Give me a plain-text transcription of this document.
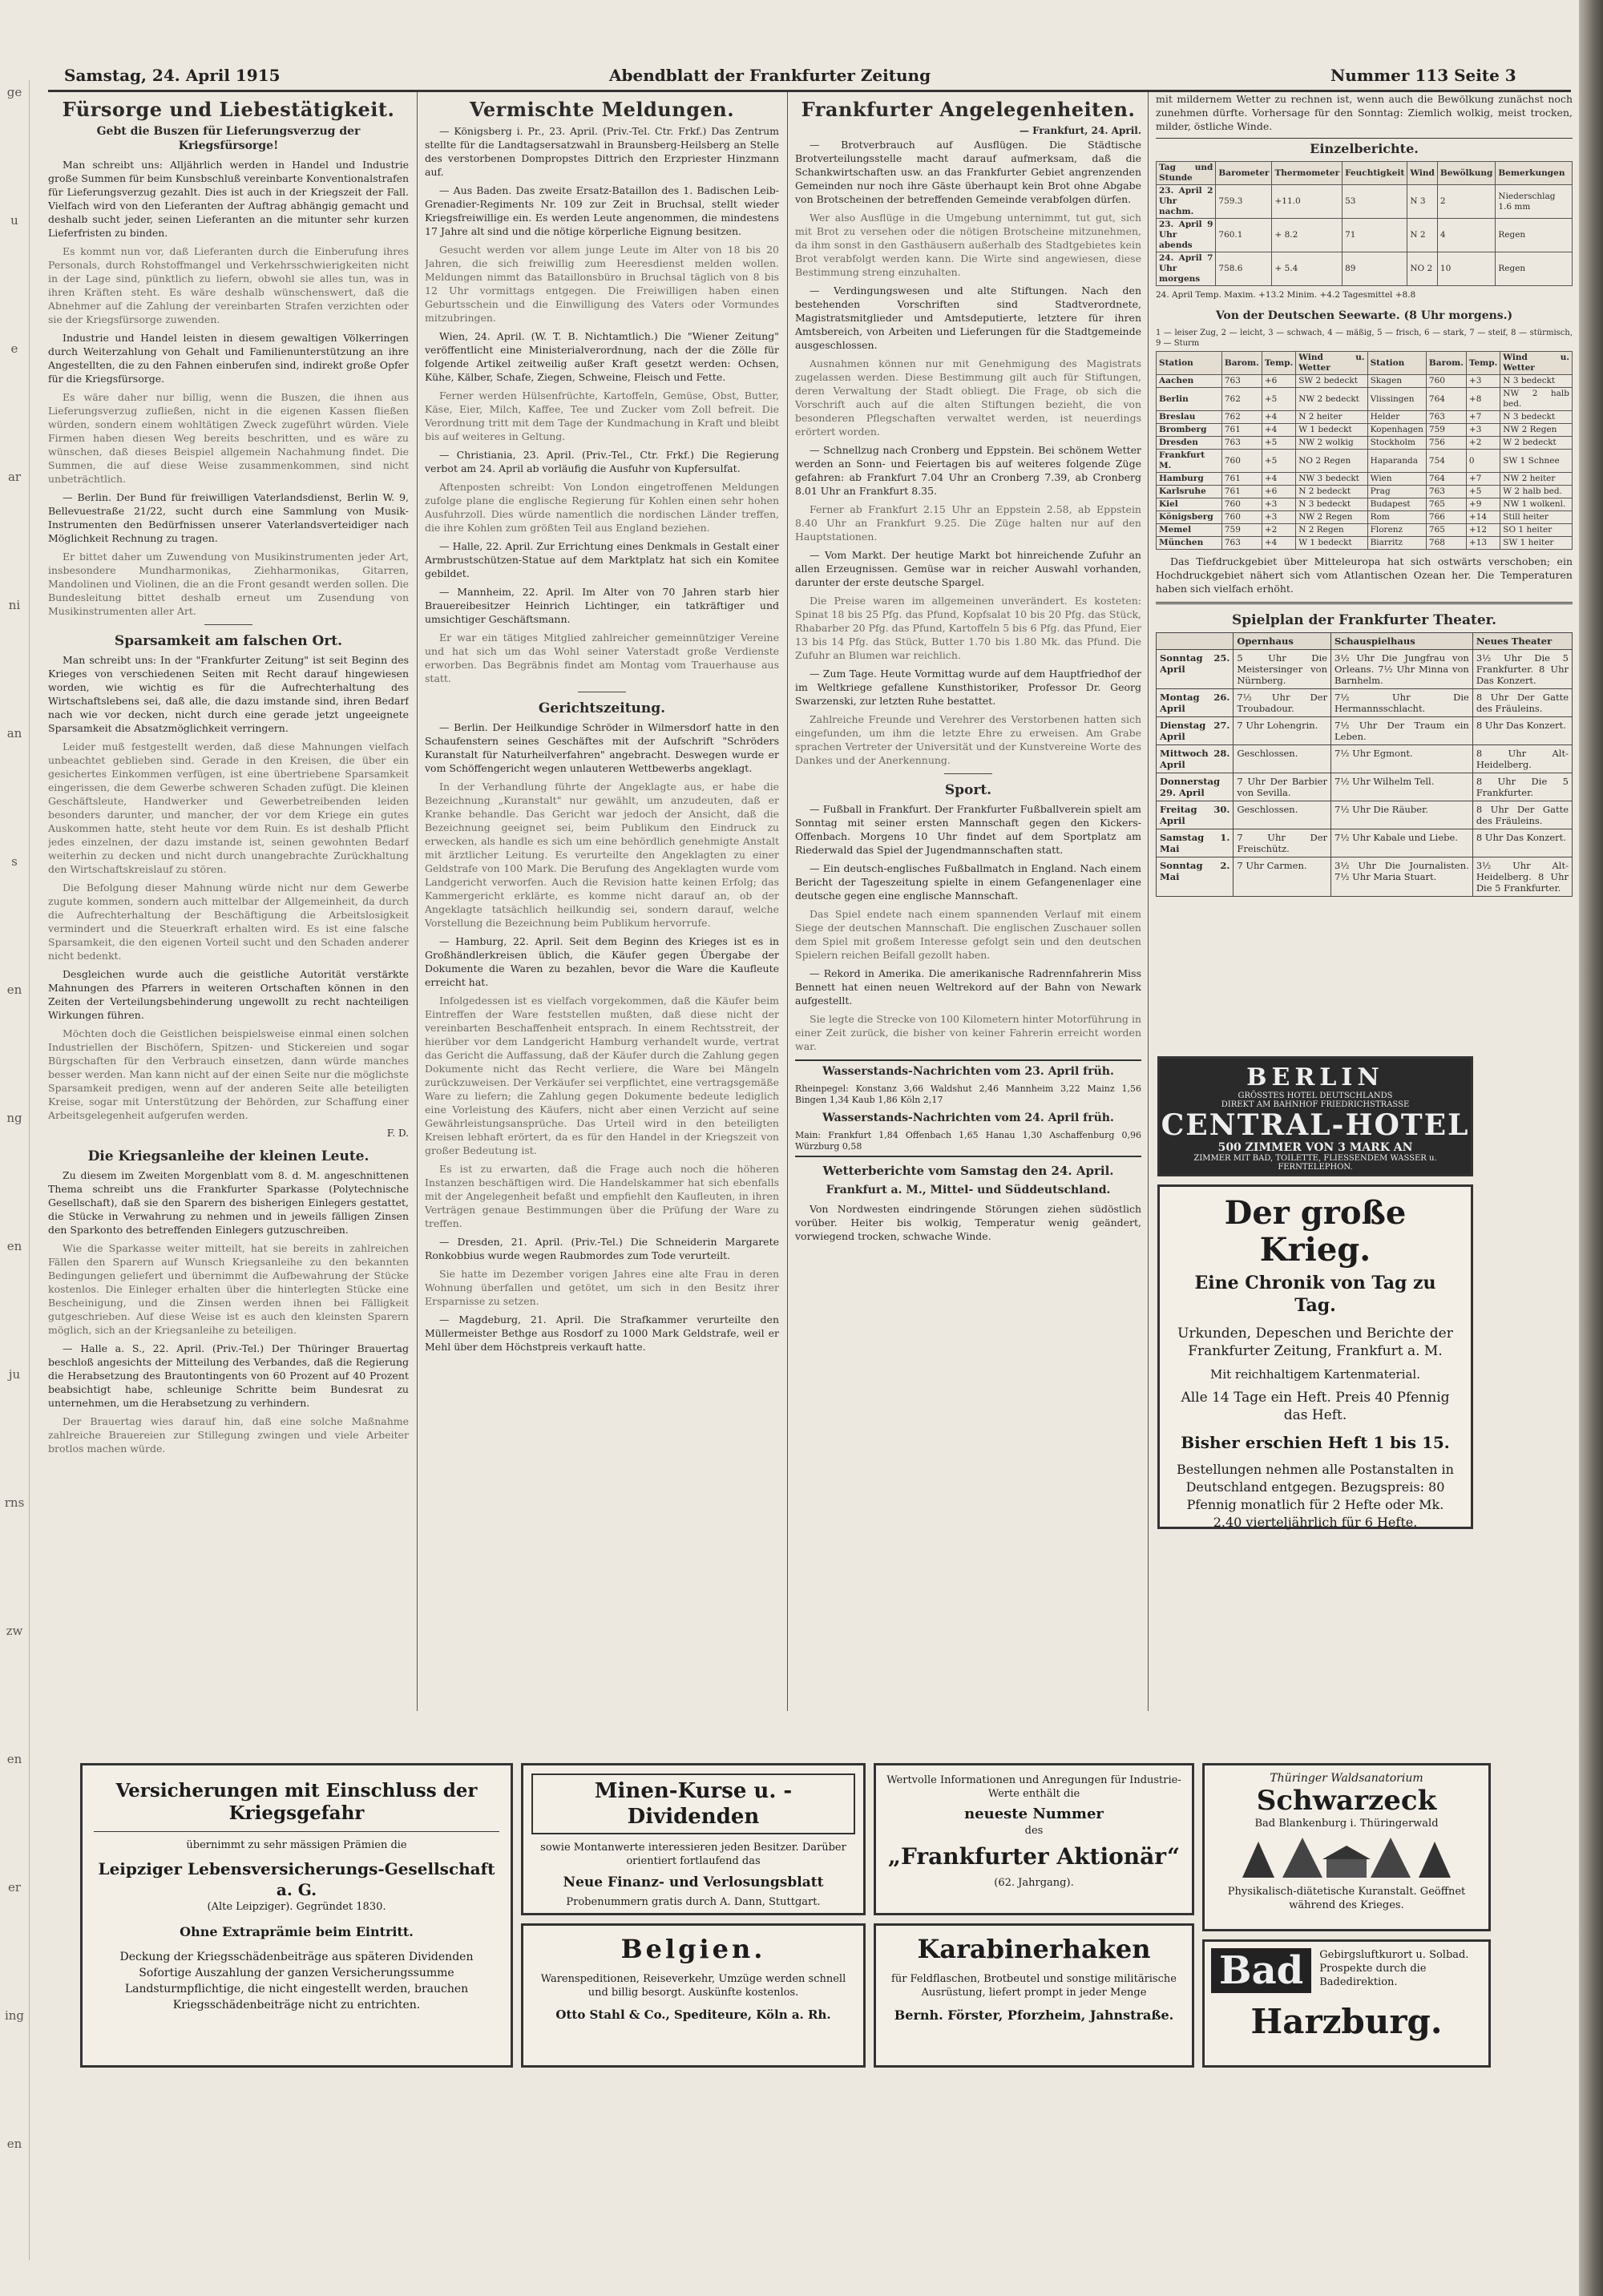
ge
u
e
ar
ni
an
s
en
ng
en
ju
rns
zw
en
er
ing
en
Samstag, 24. April 1915	Abendblatt der Frankfurter Zeitung	Nummer 113 Seite 3
Fürsorge und Liebestätigkeit.
Gebt die Buszen für Lieferungsverzug der Kriegsfürsorge!

Man schreibt uns: Alljährlich werden in Handel und Industrie große Summen für beim Kunsbschluß vereinbarte Konventionalstrafen für Lieferungsverzug gezahlt. Dies ist auch in der Kriegszeit der Fall. Vielfach wird von den Lieferanten der Auftrag abhängig gemacht und deshalb sucht jeder, seinen Lieferanten an die mitunter sehr kurzen Lieferfristen zu binden.

Es kommt nun vor, daß Lieferanten durch die Einberufung ihres Personals, durch Rohstoffmangel und Verkehrsschwierigkeiten nicht in der Lage sind, pünktlich zu liefern, obwohl sie alles tun, was in ihren Kräften steht. Es wäre deshalb wünschenswert, daß die Abnehmer auf die Zahlung der vereinbarten Strafen verzichten oder sie der Kriegsfürsorge zuwenden.

Industrie und Handel leisten in diesem gewaltigen Völkerringen durch Weiterzahlung von Gehalt und Familienunterstützung an ihre Angestellten, die zu den Fahnen einberufen sind, indirekt große Opfer für die Kriegsfürsorge.

Es wäre daher nur billig, wenn die Buszen, die ihnen aus Lieferungsverzug zufließen, nicht in die eigenen Kassen fließen würden, sondern einem wohltätigen Zweck zugeführt würden. Viele Firmen haben diesen Weg bereits beschritten, und es wäre zu wünschen, daß dieses Beispiel allgemein Nachahmung findet. Die Summen, die auf diese Weise zusammenkommen, sind nicht unbeträchtlich.

— Berlin. Der Bund für freiwilligen Vaterlandsdienst, Berlin W. 9, Bellevuestraße 21/22, sucht durch eine Sammlung von Musik-Instrumenten den Bedürfnissen unserer Vaterlandsverteidiger nach Möglichkeit Rechnung zu tragen.

Er bittet daher um Zuwendung von Musikinstrumenten jeder Art, insbesondere Mundharmonikas, Ziehharmonikas, Gitarren, Mandolinen und Violinen, die an die Front gesandt werden sollen. Die Bundesleitung bittet deshalb erneut um Zusendung von Musikinstrumenten aller Art.

Sparsamkeit am falschen Ort.

Man schreibt uns: In der "Frankfurter Zeitung" ist seit Beginn des Krieges von verschiedenen Seiten mit Recht darauf hingewiesen worden, wie wichtig es für die Aufrechterhaltung des Wirtschaftslebens sei, daß alle, die dazu imstande sind, ihren Bedarf nach wie vor decken, nicht durch eine gerade jetzt ungeeignete Sparsamkeit die Absatzmöglichkeit verringern.

Leider muß festgestellt werden, daß diese Mahnungen vielfach unbeachtet geblieben sind. Gerade in den Kreisen, die über ein gesichertes Einkommen verfügen, ist eine übertriebene Sparsamkeit eingerissen, die dem Gewerbe schweren Schaden zufügt. Die kleinen Geschäftsleute, Handwerker und Gewerbetreibenden leiden besonders darunter, und mancher, der vor dem Kriege ein gutes Auskommen hatte, steht heute vor dem Ruin. Es ist deshalb Pflicht jedes einzelnen, der dazu imstande ist, seinen gewohnten Bedarf weiterhin zu decken und nicht durch unangebrachte Zurückhaltung den Wirtschaftskreislauf zu stören.

Die Befolgung dieser Mahnung würde nicht nur dem Gewerbe zugute kommen, sondern auch mittelbar der Allgemeinheit, da durch die Aufrechterhaltung der Beschäftigung die Arbeitslosigkeit vermindert und die Steuerkraft erhalten wird. Es ist eine falsche Sparsamkeit, die den eigenen Vorteil sucht und den Schaden anderer nicht bedenkt.

Desgleichen wurde auch die geistliche Autorität verstärkte Mahnungen des Pfarrers in weiteren Ortschaften können in den Zeiten der Verteilungsbehinderung ungewollt zu recht nachteiligen Wirkungen führen.

Möchten doch die Geistlichen beispielsweise einmal einen solchen Industriellen der Bischöfern, Spitzen- und Stickereien und sogar Bürgschaften für den Verbrauch einsetzen, dann würde manches besser werden. Man kann nicht auf der einen Seite nur die möglichste Sparsamkeit predigen, wenn auf der anderen Seite alle beteiligten Kreise, sogar mit Unterstützung der Behörden, zur Schaffung einer Arbeitsgelegenheit aufgerufen werden.

F. D.
Die Kriegsanleihe der kleinen Leute.

Zu diesem im Zweiten Morgenblatt vom 8. d. M. angeschnittenen Thema schreibt uns die Frankfurter Sparkasse (Polytechnische Gesellschaft), daß sie den Sparern des bisherigen Einlegers gestattet, die Stücke in Verwahrung zu nehmen und in jeweils fälligen Zinsen den Sparkonto des betreffenden Einlegers gutzuschreiben.

Wie die Sparkasse weiter mitteilt, hat sie bereits in zahlreichen Fällen den Sparern auf Wunsch Kriegsanleihe zu den bekannten Bedingungen geliefert und übernimmt die Aufbewahrung der Stücke kostenlos. Die Einleger erhalten über die hinterlegten Stücke eine Bescheinigung, und die Zinsen werden ihnen bei Fälligkeit gutgeschrieben. Auf diese Weise ist es auch den kleinsten Sparern möglich, sich an der Kriegsanleihe zu beteiligen.

— Halle a. S., 22. April. (Priv.-Tel.) Der Thüringer Brauertag beschloß angesichts der Mitteilung des Verbandes, daß die Regierung die Herabsetzung des Brautontingents von 60 Prozent auf 40 Prozent beabsichtigt habe, schleunige Schritte beim Bundesrat zu unternehmen, um die Herabsetzung zu verhindern.

Der Brauertag wies darauf hin, daß eine solche Maßnahme zahlreiche Brauereien zur Stillegung zwingen und viele Arbeiter brotlos machen würde.

Vermischte Meldungen.

— Königsberg i. Pr., 23. April. (Priv.-Tel. Ctr. Frkf.) Das Zentrum stellte für die Landtagsersatzwahl in Braunsberg-Heilsberg an Stelle des verstorbenen Dompropstes Dittrich den Erzpriester Hinzmann auf.

— Aus Baden. Das zweite Ersatz-Bataillon des 1. Badischen Leib-Grenadier-Regiments Nr. 109 zur Zeit in Bruchsal, stellt wieder Kriegsfreiwillige ein. Es werden Leute angenommen, die mindestens 17 Jahre alt sind und die nötige körperliche Eignung besitzen.

Gesucht werden vor allem junge Leute im Alter von 18 bis 20 Jahren, die sich freiwillig zum Heeresdienst melden wollen. Meldungen nimmt das Bataillonsbüro in Bruchsal täglich von 8 bis 12 Uhr vormittags entgegen. Die Freiwilligen haben einen Geburtsschein und die Einwilligung des Vaters oder Vormundes mitzubringen.

Wien, 24. April. (W. T. B. Nichtamtlich.) Die "Wiener Zeitung" veröffentlicht eine Ministerialverordnung, nach der die Zölle für folgende Artikel zeitweilig außer Kraft gesetzt werden: Ochsen, Kühe, Kälber, Schafe, Ziegen, Schweine, Fleisch und Fette.

Ferner werden Hülsenfrüchte, Kartoffeln, Gemüse, Obst, Butter, Käse, Eier, Milch, Kaffee, Tee und Zucker vom Zoll befreit. Die Verordnung tritt mit dem Tage der Kundmachung in Kraft und bleibt bis auf weiteres in Geltung.

— Christiania, 23. April. (Priv.-Tel., Ctr. Frkf.) Die Regierung verbot am 24. April ab vorläufig die Ausfuhr von Kupfersulfat.

Aftenposten schreibt: Von London eingetroffenen Meldungen zufolge plane die englische Regierung für Kohlen einen sehr hohen Ausfuhrzoll. Dies würde namentlich die nordischen Länder treffen, die ihre Kohlen zum größten Teil aus England beziehen.

— Halle, 22. April. Zur Errichtung eines Denkmals in Gestalt einer Armbrustschützen-Statue auf dem Marktplatz hat sich ein Komitee gebildet.

— Mannheim, 22. April. Im Alter von 70 Jahren starb hier Brauereibesitzer Heinrich Lichtinger, ein tatkräftiger und umsichtiger Geschäftsmann.

Er war ein tätiges Mitglied zahlreicher gemeinnütziger Vereine und hat sich um das Wohl seiner Vaterstadt große Verdienste erworben. Das Begräbnis findet am Montag vom Trauerhause aus statt.

Gerichtszeitung.

— Berlin. Der Heilkundige Schröder in Wilmersdorf hatte in den Schaufenstern seines Geschäftes mit der Aufschrift "Schröders Kuranstalt für Naturheilverfahren" angebracht. Deswegen wurde er vom Schöffengericht wegen unlauteren Wettbewerbs angeklagt.

In der Verhandlung führte der Angeklagte aus, er habe die Bezeichnung „Kuranstalt" nur gewählt, um anzudeuten, daß er Kranke behandle. Das Gericht war jedoch der Ansicht, daß die Bezeichnung geeignet sei, beim Publikum den Eindruck zu erwecken, als handle es sich um eine behördlich genehmigte Anstalt mit ärztlicher Leitung. Es verurteilte den Angeklagten zu einer Geldstrafe von 100 Mark. Die Berufung des Angeklagten wurde vom Landgericht verworfen. Auch die Revision hatte keinen Erfolg; das Kammergericht erklärte, es komme nicht darauf an, ob der Angeklagte tatsächlich heilkundig sei, sondern darauf, welche Vorstellung die Bezeichnung beim Publikum hervorrufe.

— Hamburg, 22. April. Seit dem Beginn des Krieges ist es in Großhändlerkreisen üblich, die Käufer gegen Übergabe der Dokumente die Waren zu bezahlen, bevor die Ware die Kaufleute erreicht hat.

Infolgedessen ist es vielfach vorgekommen, daß die Käufer beim Eintreffen der Ware feststellen mußten, daß diese nicht der vereinbarten Beschaffenheit entsprach. In einem Rechtsstreit, der hierüber vor dem Landgericht Hamburg verhandelt wurde, vertrat das Gericht die Auffassung, daß der Käufer durch die Zahlung gegen Dokumente nicht das Recht verliere, die Ware bei Mängeln zurückzuweisen. Der Verkäufer sei verpflichtet, eine vertragsgemäße Ware zu liefern; die Zahlung gegen Dokumente bedeute lediglich eine Vorleistung des Käufers, nicht aber einen Verzicht auf seine Gewährleistungsansprüche. Das Urteil wird in den beteiligten Kreisen lebhaft erörtert, da es für den Handel in der Kriegszeit von großer Bedeutung ist.

Es ist zu erwarten, daß die Frage auch noch die höheren Instanzen beschäftigen wird. Die Handelskammer hat sich ebenfalls mit der Angelegenheit befaßt und empfiehlt den Kaufleuten, in ihren Verträgen genaue Bestimmungen über die Prüfung der Ware zu treffen.

— Dresden, 21. April. (Priv.-Tel.) Die Schneiderin Margarete Ronkobbius wurde wegen Raubmordes zum Tode verurteilt.

Sie hatte im Dezember vorigen Jahres eine alte Frau in deren Wohnung überfallen und getötet, um sich in den Besitz ihrer Ersparnisse zu setzen.

— Magdeburg, 21. April. Die Strafkammer verurteilte den Müllermeister Bethge aus Rosdorf zu 1000 Mark Geldstrafe, weil er Mehl über dem Höchstpreis verkauft hatte.

Frankfurter Angelegenheiten.
— Frankfurt, 24. April.

— Brotverbrauch auf Ausflügen. Die Städtische Brotverteilungsstelle macht darauf aufmerksam, daß die Schankwirtschaften usw. an das Frankfurter Gebiet angrenzenden Gemeinden nur noch ihre Gäste überhaupt kein Brot ohne Abgabe von Brotscheinen der betreffenden Gemeinde verabfolgen dürfen.

Wer also Ausflüge in die Umgebung unternimmt, tut gut, sich mit Brot zu versehen oder die nötigen Brotscheine mitzunehmen, da ihm sonst in den Gasthäusern außerhalb des Stadtgebietes kein Brot verabfolgt werden kann. Die Wirte sind angewiesen, diese Bestimmung streng einzuhalten.

— Verdingungswesen und alte Stiftungen. Nach den bestehenden Vorschriften sind Stadtverordnete, Magistratsmitglieder und Amtsdeputierte, letztere für ihren Amtsbereich, von Arbeiten und Lieferungen für die Stadtgemeinde ausgeschlossen.

Ausnahmen können nur mit Genehmigung des Magistrats zugelassen werden. Diese Bestimmung gilt auch für Stiftungen, deren Verwaltung der Stadt obliegt. Die Frage, ob sich die Vorschrift auch auf die alten Stiftungen bezieht, die von besonderen Pflegschaften verwaltet werden, ist neuerdings erörtert worden.

— Schnellzug nach Cronberg und Eppstein. Bei schönem Wetter werden an Sonn- und Feiertagen bis auf weiteres folgende Züge gefahren: ab Frankfurt 7.04 Uhr an Cronberg 7.39, ab Cronberg 8.01 Uhr an Frankfurt 8.35.

Ferner ab Frankfurt 2.15 Uhr an Eppstein 2.58, ab Eppstein 8.40 Uhr an Frankfurt 9.25. Die Züge halten nur auf den Hauptstationen.

— Vom Markt. Der heutige Markt bot hinreichende Zufuhr an allen Erzeugnissen. Gemüse war in reicher Auswahl vorhanden, darunter der erste deutsche Spargel.

Die Preise waren im allgemeinen unverändert. Es kosteten: Spinat 18 bis 25 Pfg. das Pfund, Kopfsalat 10 bis 20 Pfg. das Stück, Rhabarber 20 Pfg. das Pfund, Kartoffeln 5 bis 6 Pfg. das Pfund, Eier 13 bis 14 Pfg. das Stück, Butter 1.70 bis 1.80 Mk. das Pfund. Die Zufuhr an Blumen war reichlich.

— Zum Tage. Heute Vormittag wurde auf dem Hauptfriedhof der im Weltkriege gefallene Kunsthistoriker, Professor Dr. Georg Swarzenski, zur letzten Ruhe bestattet.

Zahlreiche Freunde und Verehrer des Verstorbenen hatten sich eingefunden, um ihm die letzte Ehre zu erweisen. Am Grabe sprachen Vertreter der Universität und der Kunstvereine Worte des Dankes und der Anerkennung.

Sport.

— Fußball in Frankfurt. Der Frankfurter Fußballverein spielt am Sonntag mit seiner ersten Mannschaft gegen den Kickers-Offenbach. Morgens 10 Uhr findet auf dem Sportplatz am Riederwald das Spiel der Jugendmannschaften statt.

— Ein deutsch-englisches Fußballmatch in England. Nach einem Bericht der Tageszeitung spielte in einem Gefangenenlager eine deutsche gegen eine englische Mannschaft.

Das Spiel endete nach einem spannenden Verlauf mit einem Siege der deutschen Mannschaft. Die englischen Zuschauer sollen dem Spiel mit großem Interesse gefolgt sein und den deutschen Spielern reichen Beifall gezollt haben.

— Rekord in Amerika. Die amerikanische Radrennfahrerin Miss Bennett hat einen neuen Weltrekord auf der Bahn von Newark aufgestellt.

Sie legte die Strecke von 100 Kilometern hinter Motorführung in einer Zeit zurück, die bisher von keiner Fahrerin erreicht worden war.

Wasserstands-Nachrichten vom 23. April früh.
Rheinpegel: Konstanz 3,66 Waldshut 2,46 Mannheim 3,22 Mainz 1,56 Bingen 1,34 Kaub 1,86 Köln 2,17
Wasserstands-Nachrichten vom 24. April früh.
Main: Frankfurt 1,84 Offenbach 1,65 Hanau 1,30 Aschaffenburg 0,96 Würzburg 0,58
Wetterberichte vom Samstag den 24. April.
Frankfurt a. M., Mittel- und Süddeutschland.

Von Nordwesten eindringende Störungen ziehen südöstlich vorüber. Heiter bis wolkig, Temperatur wenig geändert, vorwiegend trocken, schwache Winde.

mit mildernem Wetter zu rechnen ist, wenn auch die Bewölkung zunächst noch zunehmen dürfte. Vorhersage für den Sonntag: Ziemlich wolkig, meist trocken, milder, östliche Winde.

Einzelberichte.
Tag und Stunde	Barometer	Thermometer	Feuchtigkeit	Wind	Bewölkung	Bemerkungen
23. April 2 Uhr nachm.	759.3	+11.0	53	N 3	2	Niederschlag 1.6 mm
23. April 9 Uhr abends	760.1	+ 8.2	71	N 2	4	Regen
24. April 7 Uhr morgens	758.6	+ 5.4	89	NO 2	10	Regen
24. April Temp. Maxim. +13.2 Minim. +4.2 Tagesmittel +8.8
Von der Deutschen Seewarte. (8 Uhr morgens.)
1 — leiser Zug, 2 — leicht, 3 — schwach, 4 — mäßig, 5 — frisch, 6 — stark, 7 — steif, 8 — stürmisch, 9 — Sturm
Station	Barom.	Temp.	Wind u. Wetter	Station	Barom.	Temp.	Wind u. Wetter
Aachen	763	+6	SW 2 bedeckt	Skagen	760	+3	N 3 bedeckt
Berlin	762	+5	NW 2 bedeckt	Vlissingen	764	+8	NW 2 halb bed.
Breslau	762	+4	N 2 heiter	Helder	763	+7	N 3 bedeckt
Bromberg	761	+4	W 1 bedeckt	Kopenhagen	759	+3	NW 2 Regen
Dresden	763	+5	NW 2 wolkig	Stockholm	756	+2	W 2 bedeckt
Frankfurt M.	760	+5	NO 2 Regen	Haparanda	754	0	SW 1 Schnee
Hamburg	761	+4	NW 3 bedeckt	Wien	764	+7	NW 2 heiter
Karlsruhe	761	+6	N 2 bedeckt	Prag	763	+5	W 2 halb bed.
Kiel	760	+3	N 3 bedeckt	Budapest	765	+9	NW 1 wolkenl.
Königsberg	760	+3	NW 2 Regen	Rom	766	+14	Still heiter
Memel	759	+2	N 2 Regen	Florenz	765	+12	SO 1 heiter
München	763	+4	W 1 bedeckt	Biarritz	768	+13	SW 1 heiter

Das Tiefdruckgebiet über Mitteleuropa hat sich ostwärts verschoben; ein Hochdruckgebiet nähert sich vom Atlantischen Ozean her. Die Temperaturen haben sich vielfach erhöht.

Spielplan der Frankfurter Theater.
	Opernhaus	Schauspielhaus	Neues Theater
Sonntag 25. April	5 Uhr Die Meistersinger von Nürnberg.	3½ Uhr Die Jungfrau von Orleans. 7½ Uhr Minna von Barnhelm.	3½ Uhr Die 5 Frankfurter. 8 Uhr Das Konzert.
Montag 26. April	7½ Uhr Der Troubadour.	7½ Uhr Die Hermannsschlacht.	8 Uhr Der Gatte des Fräuleins.
Dienstag 27. April	7 Uhr Lohengrin.	7½ Uhr Der Traum ein Leben.	8 Uhr Das Konzert.
Mittwoch 28. April	Geschlossen.	7½ Uhr Egmont.	8 Uhr Alt-Heidelberg.
Donnerstag 29. April	7 Uhr Der Barbier von Sevilla.	7½ Uhr Wilhelm Tell.	8 Uhr Die 5 Frankfurter.
Freitag 30. April	Geschlossen.	7½ Uhr Die Räuber.	8 Uhr Der Gatte des Fräuleins.
Samstag 1. Mai	7 Uhr Der Freischütz.	7½ Uhr Kabale und Liebe.	8 Uhr Das Konzert.
Sonntag 2. Mai	7 Uhr Carmen.	3½ Uhr Die Journalisten. 7½ Uhr Maria Stuart.	3½ Uhr Alt-Heidelberg. 8 Uhr Die 5 Frankfurter.
BERLIN
GRÖSSTES HOTEL DEUTSCHLANDS
DIREKT AM BAHNHOF FRIEDRICHSTRASSE
CENTRAL-HOTEL
500 ZIMMER VON 3 MARK AN
ZIMMER MIT BAD, TOILETTE, FLIESSENDEM WASSER u. FERNTELEPHON.
Der große Krieg.
Eine Chronik von Tag zu Tag.
Urkunden, Depeschen und Berichte der Frankfurter Zeitung, Frankfurt a. M.
Mit reichhaltigem Kartenmaterial.
Alle 14 Tage ein Heft. Preis 40 Pfennig das Heft.
Bisher erschien Heft 1 bis 15.
Bestellungen nehmen alle Postanstalten in Deutschland entgegen. Bezugspreis: 80 Pfennig monatlich für 2 Hefte oder Mk. 2.40 vierteljährlich für 6 Hefte.
Versicherungen mit Einschluss der Kriegsgefahr
übernimmt zu sehr mässigen Prämien die
Leipziger Lebensversicherungs-Gesellschaft a. G.
(Alte Leipziger). Gegründet 1830.
Ohne Extraprämie beim Eintritt.
Deckung der Kriegsschädenbeiträge aus späteren Dividenden
Sofortige Auszahlung der ganzen Versicherungssumme
Landsturmpflichtige, die nicht eingestellt werden, brauchen Kriegsschädenbeiträge nicht zu entrichten.
Minen-Kurse u. -Dividenden
sowie Montanwerte interessieren jeden Besitzer. Darüber orientiert fortlaufend das
Neue Finanz- und Verlosungsblatt
Probenummern gratis durch A. Dann, Stuttgart.
Belgien.
Warenspeditionen, Reiseverkehr, Umzüge werden schnell und billig besorgt. Auskünfte kostenlos.
Otto Stahl & Co., Spediteure, Köln a. Rh.
Wertvolle Informationen und Anregungen für Industrie-Werte enthält die
neueste Nummer
des
„Frankfurter Aktionär“
(62. Jahrgang).
Karabinerhaken
für Feldflaschen, Brotbeutel und sonstige militärische Ausrüstung, liefert prompt in jeder Menge
Bernh. Förster, Pforzheim, Jahnstraße.
Thüringer Waldsanatorium
Schwarzeck
Bad Blankenburg i. Thüringerwald
Physikalisch-diätetische Kuranstalt. Geöffnet während des Krieges.
Bad	Gebirgsluftkurort u. Solbad. Prospekte durch die Badedirektion.
Harzburg.
